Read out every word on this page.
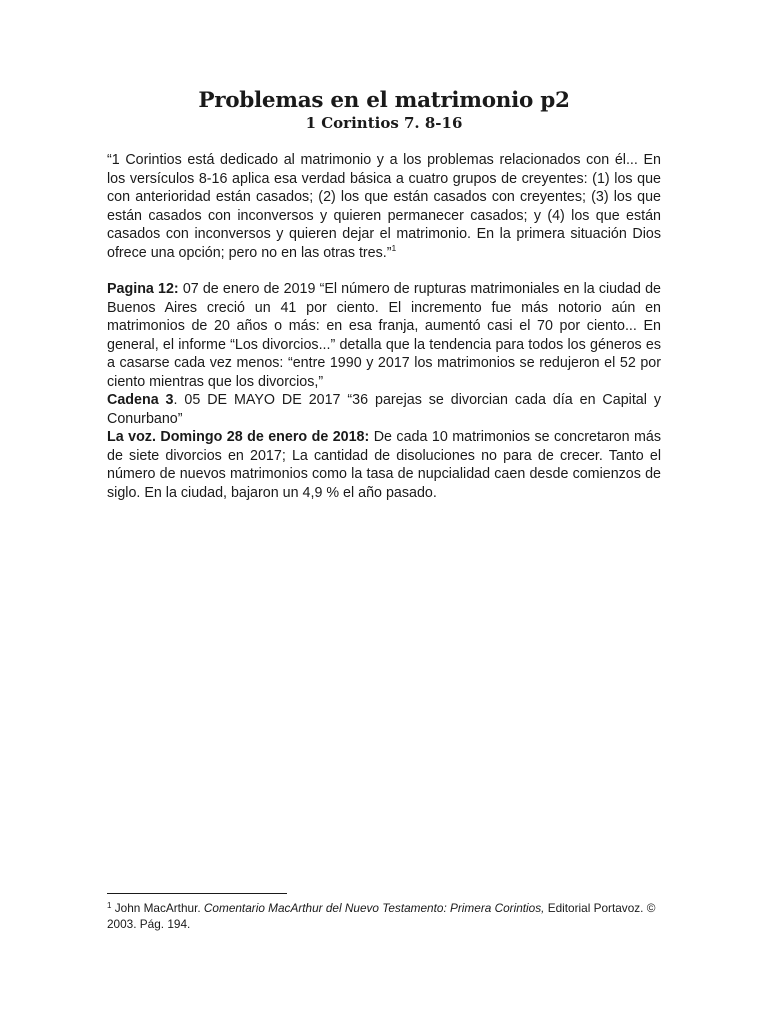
Problemas en el matrimonio p2
1 Corintios 7. 8-16

“1 Corintios está dedicado al matrimonio y a los problemas relacionados con él... En los versículos 8-16 aplica esa verdad básica a cuatro grupos de creyentes: (1) los que con anterioridad están casados; (2) los que están casados con creyentes; (3) los que están casados con inconversos y quieren permanecer casados; y (4) los que están casados con inconversos y quieren dejar el matrimonio. En la primera situación Dios ofrece una opción; pero no en las otras tres.”$^1$

Pagina 12: 07 de enero de 2019 “El número de rupturas matrimoniales en la ciudad de Buenos Aires creció un 41 por ciento. El incremento fue más notorio aún en matrimonios de 20 años o más: en esa franja, aumentó casi el 70 por ciento... En general, el informe “Los divorcios...” detalla que la tendencia para todos los géneros es a casarse cada vez menos: “entre 1990 y 2017 los matrimonios se redujeron el 52 por ciento mientras que los divorcios,”

Cadena 3. 05 DE MAYO DE 2017 “36 parejas se divorcian cada día en Capital y Conurbano”

La voz. Domingo 28 de enero de 2018: De cada 10 matrimonios se concretaron más de siete divorcios en 2017; La cantidad de disoluciones no para de crecer. Tanto el número de nuevos matrimonios como la tasa de nupcialidad caen desde comienzos de siglo. En la ciudad, bajaron un 4,9 % el año pasado.

$^1$ John MacArthur. Comentario MacArthur del Nuevo Testamento: Primera Corintios, Editorial Portavoz. © 2003. Pág. 194.
